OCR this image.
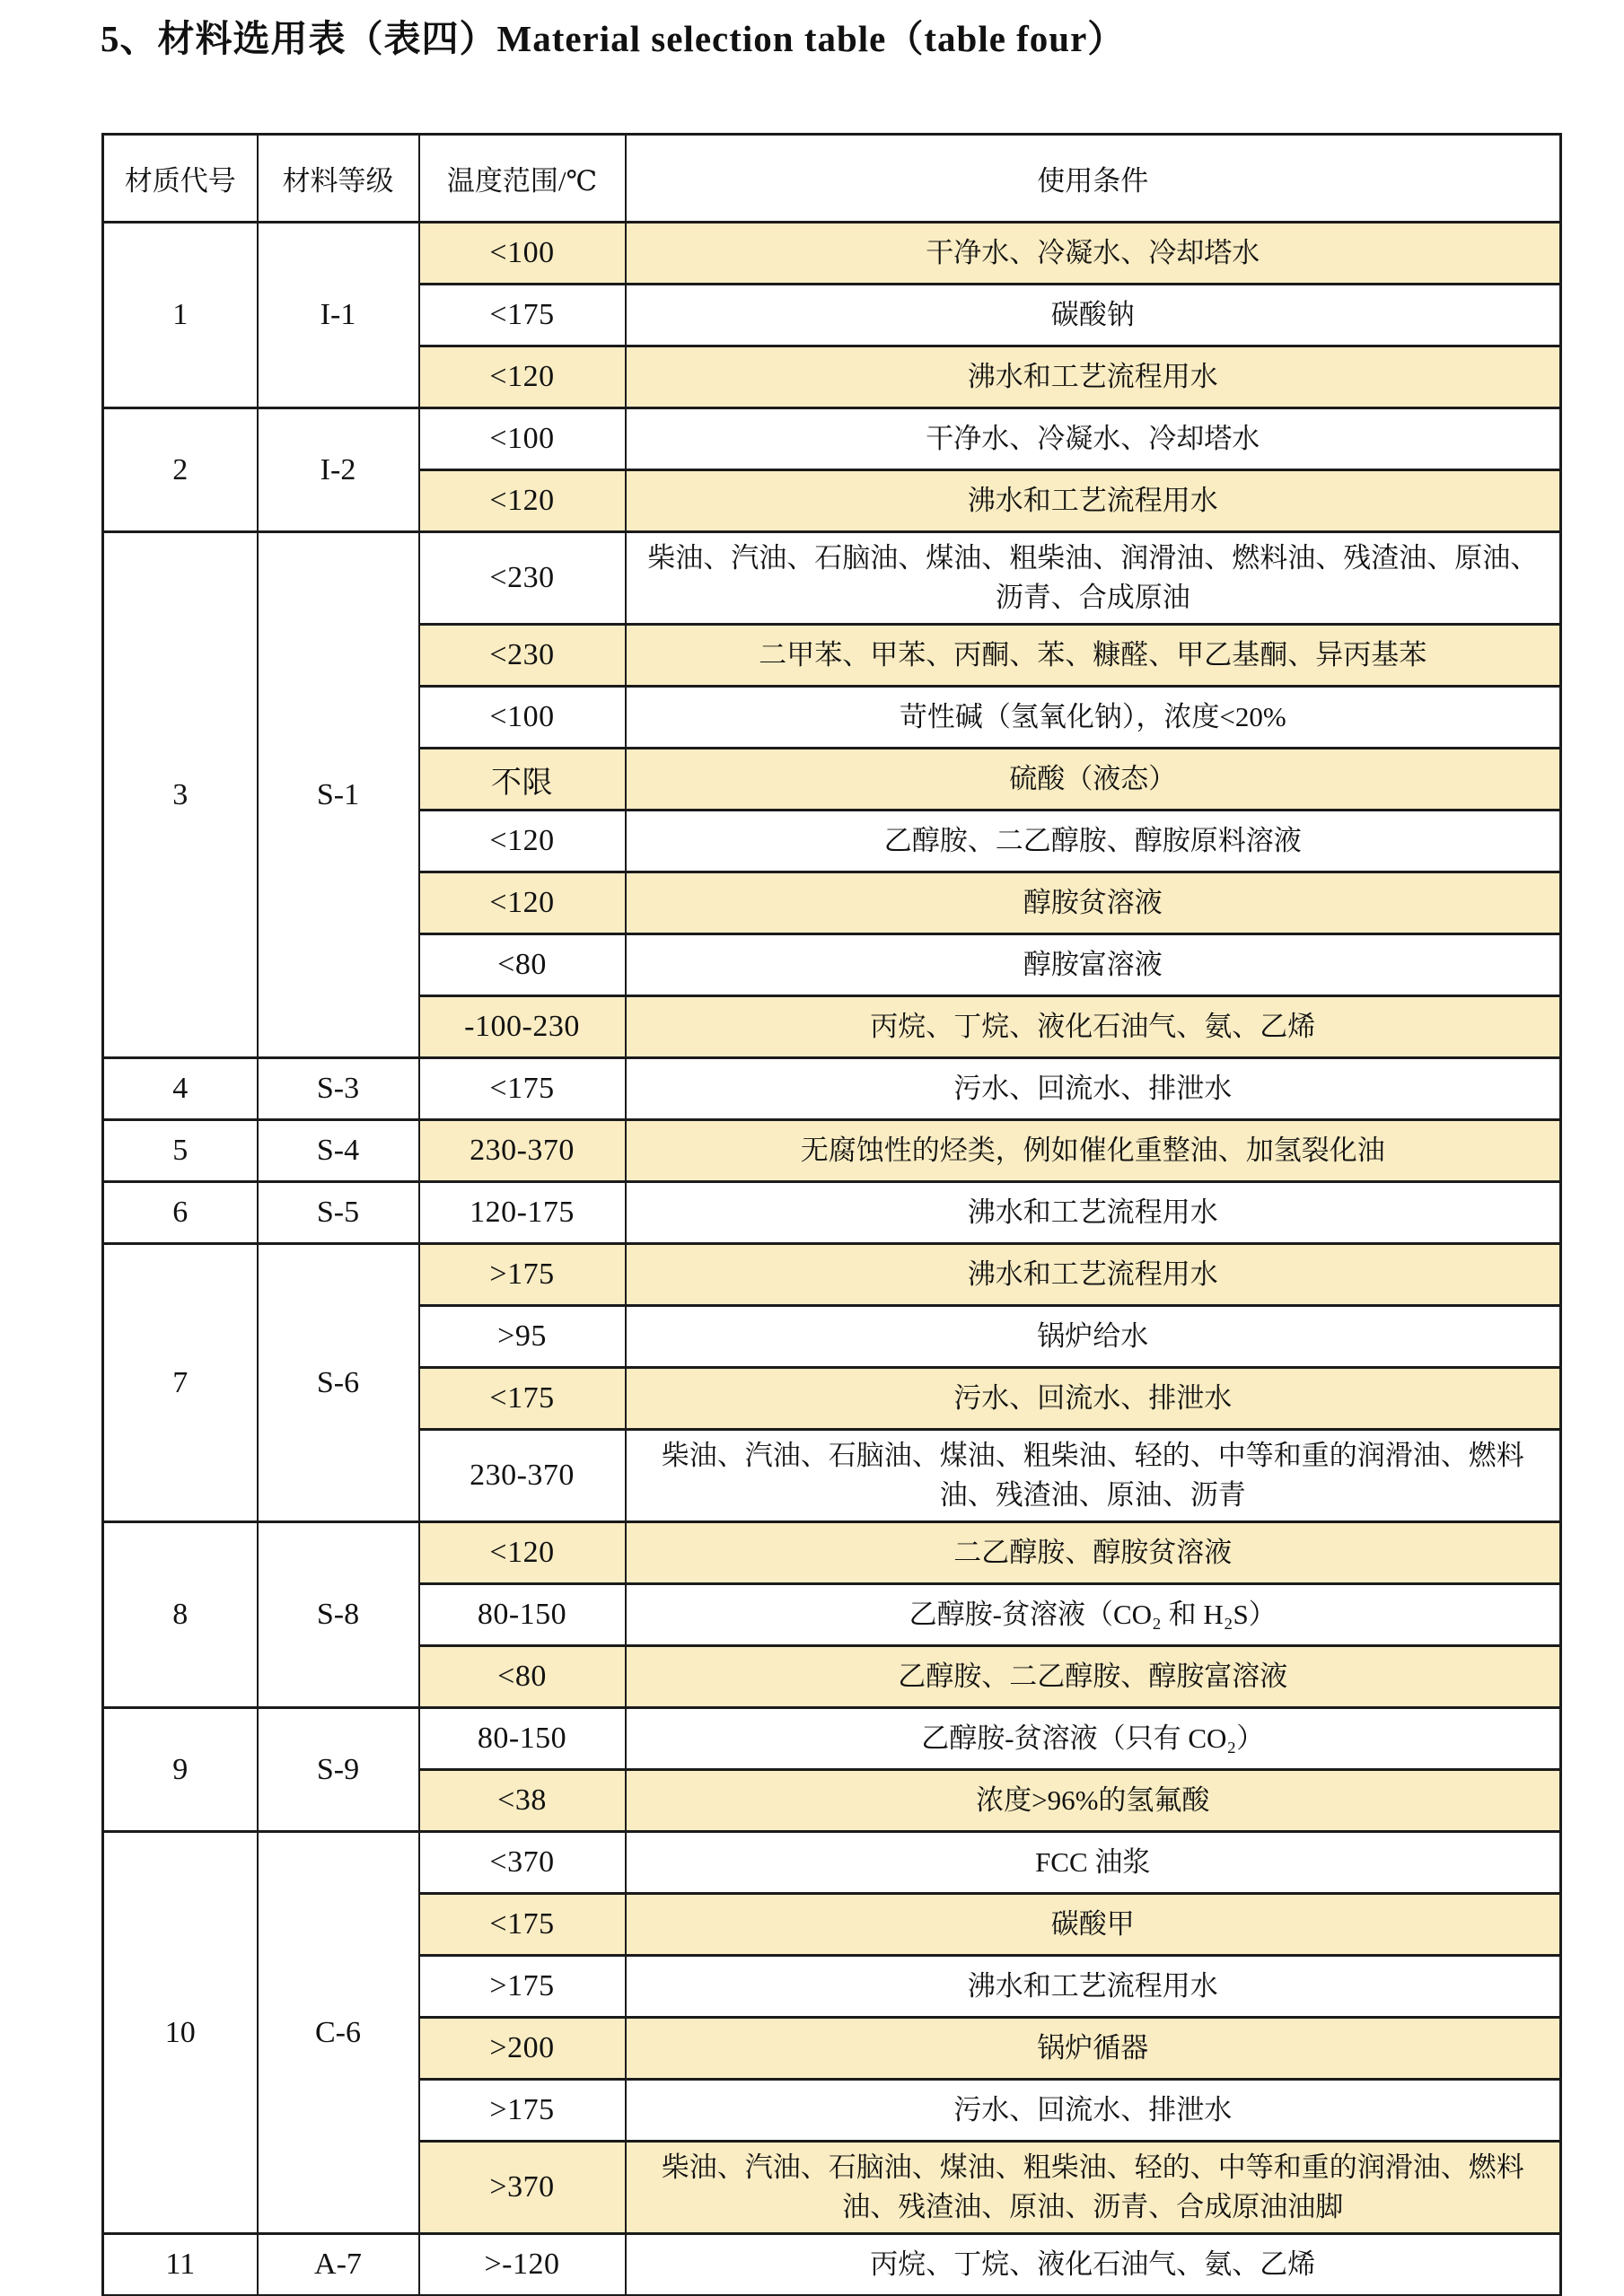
5、材料选用表（表四）Material selection table（table four）
材质代号	材料等级	温度范围/℃	使用条件
1	I-1	<100	干净水、冷凝水、冷却塔水
		<175	碳酸钠
		<120	沸水和工艺流程用水
2	I-2	<100	干净水、冷凝水、冷却塔水
		<120	沸水和工艺流程用水
3	S-1	<230	柴油、汽油、石脑油、煤油、粗柴油、润滑油、燃料油、残渣油、原油、沥青、合成原油
		<230	二甲苯、甲苯、丙酮、苯、糠醛、甲乙基酮、异丙基苯
		<100	苛性碱（氢氧化钠），浓度<20%
		不限	硫酸（液态）
		<120	乙醇胺、二乙醇胺、醇胺原料溶液
		<120	醇胺贫溶液
		<80	醇胺富溶液
		-100-230	丙烷、丁烷、液化石油气、氨、乙烯
4	S-3	<175	污水、回流水、排泄水
5	S-4	230-370	无腐蚀性的烃类，例如催化重整油、加氢裂化油
6	S-5	120-175	沸水和工艺流程用水
7	S-6	>175	沸水和工艺流程用水
		>95	锅炉给水
		<175	污水、回流水、排泄水
		230-370	柴油、汽油、石脑油、煤油、粗柴油、轻的、中等和重的润滑油、燃料油、残渣油、原油、沥青
8	S-8	<120	二乙醇胺、醇胺贫溶液
		80-150	乙醇胺-贫溶液（CO₂ 和 H₂S）
		<80	乙醇胺、二乙醇胺、醇胺富溶液
9	S-9	80-150	乙醇胺-贫溶液（只有 CO₂）
		<38	浓度>96%的氢氟酸
10	C-6	<370	FCC 油浆
		<175	碳酸甲
		>175	沸水和工艺流程用水
		>200	锅炉循器
		>175	污水、回流水、排泄水
		>370	柴油、汽油、石脑油、煤油、粗柴油、轻的、中等和重的润滑油、燃料油、残渣油、原油、沥青、合成原油油脚
11	A-7	>-120	丙烷、丁烷、液化石油气、氨、乙烯
